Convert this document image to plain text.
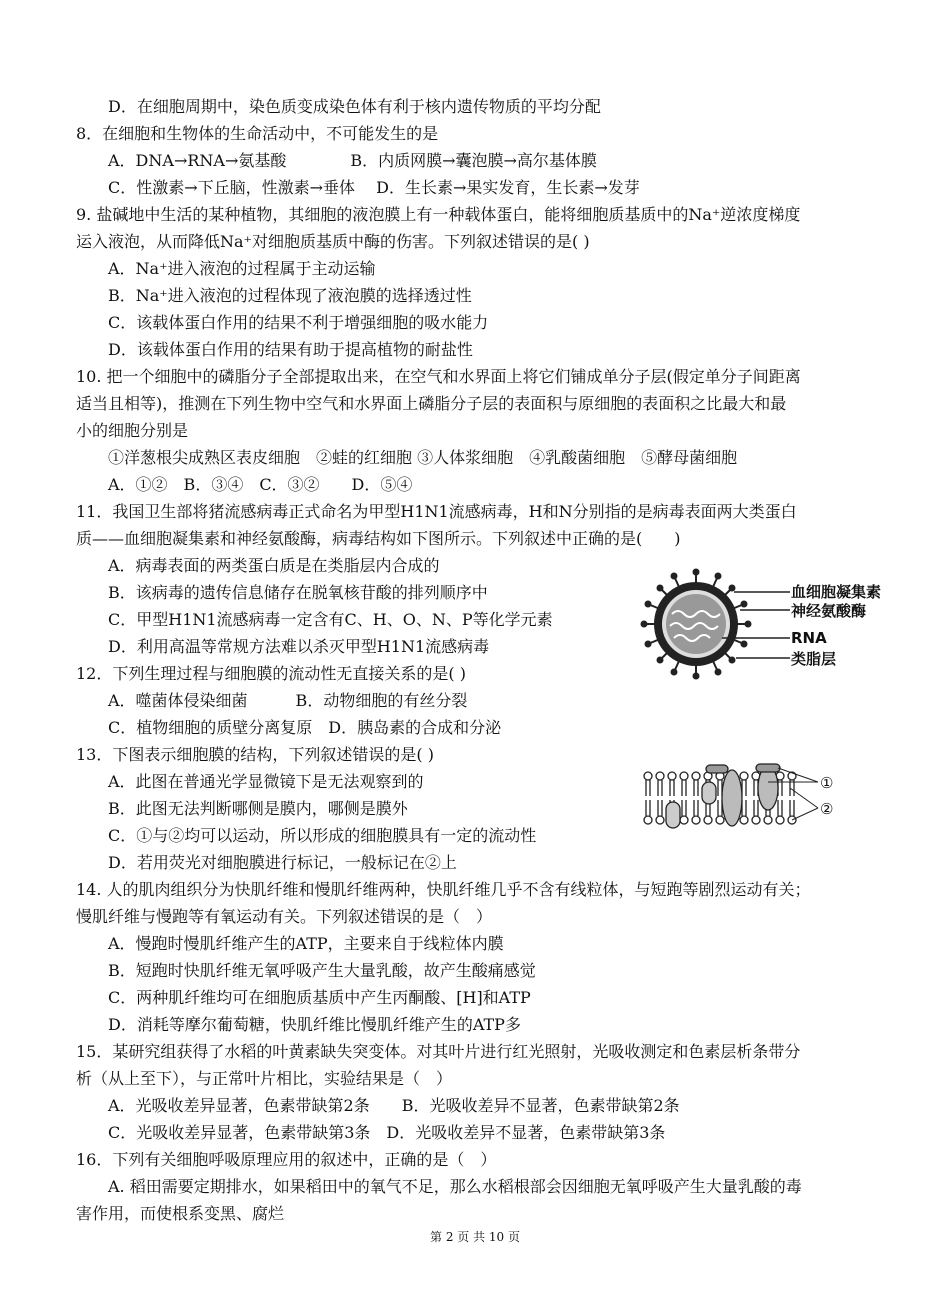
D．在细胞周期中，染色质变成染色体有利于核内遗传物质的平均分配
8．在细胞和生物体的生命活动中，不可能发生的是
A．DNA→RNA→氨基酸　　　　B．内质网膜→囊泡膜→高尔基体膜
C．性激素→下丘脑，性激素→垂体　 D．生长素→果实发育，生长素→发芽
9. 盐碱地中生活的某种植物，其细胞的液泡膜上有一种载体蛋白，能将细胞质基质中的Na⁺逆浓度梯度
运入液泡，从而降低Na⁺对细胞质基质中酶的伤害。下列叙述错误的是( )
A．Na⁺进入液泡的过程属于主动运输
B．Na⁺进入液泡的过程体现了液泡膜的选择透过性
C．该载体蛋白作用的结果不利于增强细胞的吸水能力
D．该载体蛋白作用的结果有助于提高植物的耐盐性
10. 把一个细胞中的磷脂分子全部提取出来，在空气和水界面上将它们铺成单分子层(假定单分子间距离
适当且相等)，推测在下列生物中空气和水界面上磷脂分子层的表面积与原细胞的表面积之比最大和最
小的细胞分别是
①洋葱根尖成熟区表皮细胞　②蛙的红细胞 ③人体浆细胞　④乳酸菌细胞　⑤酵母菌细胞
A．①②　B．③④　C．③②　　D．⑤④
11．我国卫生部将猪流感病毒正式命名为甲型H1N1流感病毒，H和N分别指的是病毒表面两大类蛋白
质——血细胞凝集素和神经氨酸酶，病毒结构如下图所示。下列叙述中正确的是(　　)
A．病毒表面的两类蛋白质是在类脂层内合成的
B．该病毒的遗传信息储存在脱氧核苷酸的排列顺序中
C．甲型H1N1流感病毒一定含有C、H、O、N、P等化学元素
D．利用高温等常规方法难以杀灭甲型H1N1流感病毒
12．下列生理过程与细胞膜的流动性无直接关系的是( )
A．噬菌体侵染细菌　　　B．动物细胞的有丝分裂
C．植物细胞的质壁分离复原　D．胰岛素的合成和分泌
13．下图表示细胞膜的结构，下列叙述错误的是( )
A．此图在普通光学显微镜下是无法观察到的
B．此图无法判断哪侧是膜内，哪侧是膜外
C．①与②均可以运动，所以形成的细胞膜具有一定的流动性
D．若用荧光对细胞膜进行标记，一般标记在②上
14. 人的肌肉组织分为快肌纤维和慢肌纤维两种，快肌纤维几乎不含有线粒体，与短跑等剧烈运动有关；
慢肌纤维与慢跑等有氧运动有关。下列叙述错误的是（　）
A．慢跑时慢肌纤维产生的ATP，主要来自于线粒体内膜
B．短跑时快肌纤维无氧呼吸产生大量乳酸，故产生酸痛感觉
C．两种肌纤维均可在细胞质基质中产生丙酮酸、[H]和ATP
D．消耗等摩尔葡萄糖，快肌纤维比慢肌纤维产生的ATP多
15．某研究组获得了水稻的叶黄素缺失突变体。对其叶片进行红光照射，光吸收测定和色素层析条带分
析（从上至下），与正常叶片相比，实验结果是（　）
A．光吸收差异显著，色素带缺第2条　　B．光吸收差异不显著，色素带缺第2条
C．光吸收差异显著，色素带缺第3条　D．光吸收差异不显著，色素带缺第3条
16．下列有关细胞呼吸原理应用的叙述中，正确的是（　）
A. 稻田需要定期排水，如果稻田中的氧气不足，那么水稻根部会因细胞无氧呼吸产生大量乳酸的毒
害作用，而使根系变黑、腐烂
血细胞凝集素
神经氨酸酶
RNA
类脂层
①
②
第 2 页 共 10 页
